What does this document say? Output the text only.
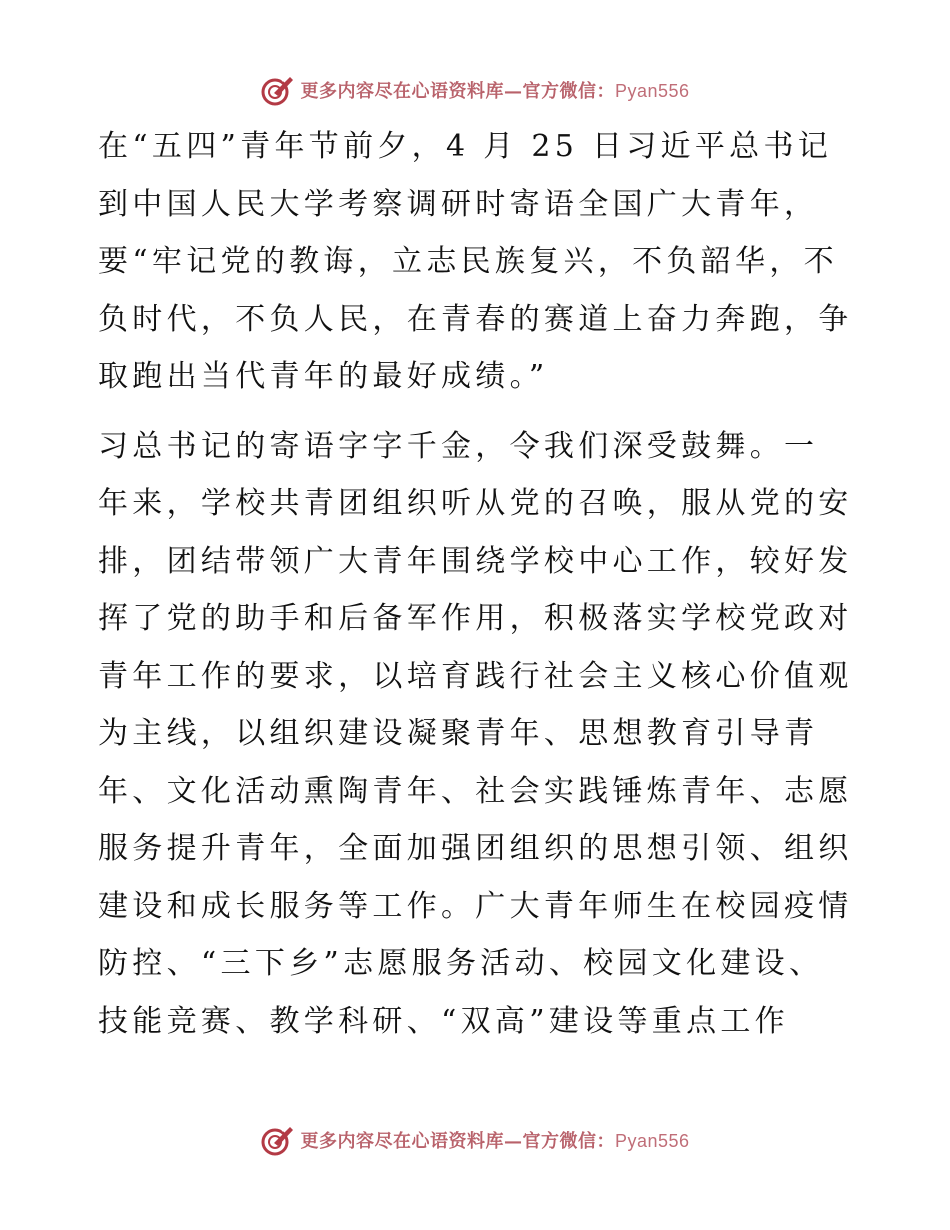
更多内容尽在心语资料库—官方微信：Pyan556

在“五四”青年节前夕，4 月 25 日习近平总书记
到中国人民大学考察调研时寄语全国广大青年，
要“牢记党的教诲，立志民族复兴，不负韶华，不
负时代，不负人民，在青春的赛道上奋力奔跑，争
取跑出当代青年的最好成绩。”

习总书记的寄语字字千金，令我们深受鼓舞。一
年来，学校共青团组织听从党的召唤，服从党的安
排，团结带领广大青年围绕学校中心工作，较好发
挥了党的助手和后备军作用，积极落实学校党政对
青年工作的要求，以培育践行社会主义核心价值观
为主线，以组织建设凝聚青年、思想教育引导青
年、文化活动熏陶青年、社会实践锤炼青年、志愿
服务提升青年，全面加强团组织的思想引领、组织
建设和成长服务等工作。广大青年师生在校园疫情
防控、“三下乡”志愿服务活动、校园文化建设、
技能竞赛、教学科研、“双高”建设等重点工作

更多内容尽在心语资料库—官方微信：Pyan556
